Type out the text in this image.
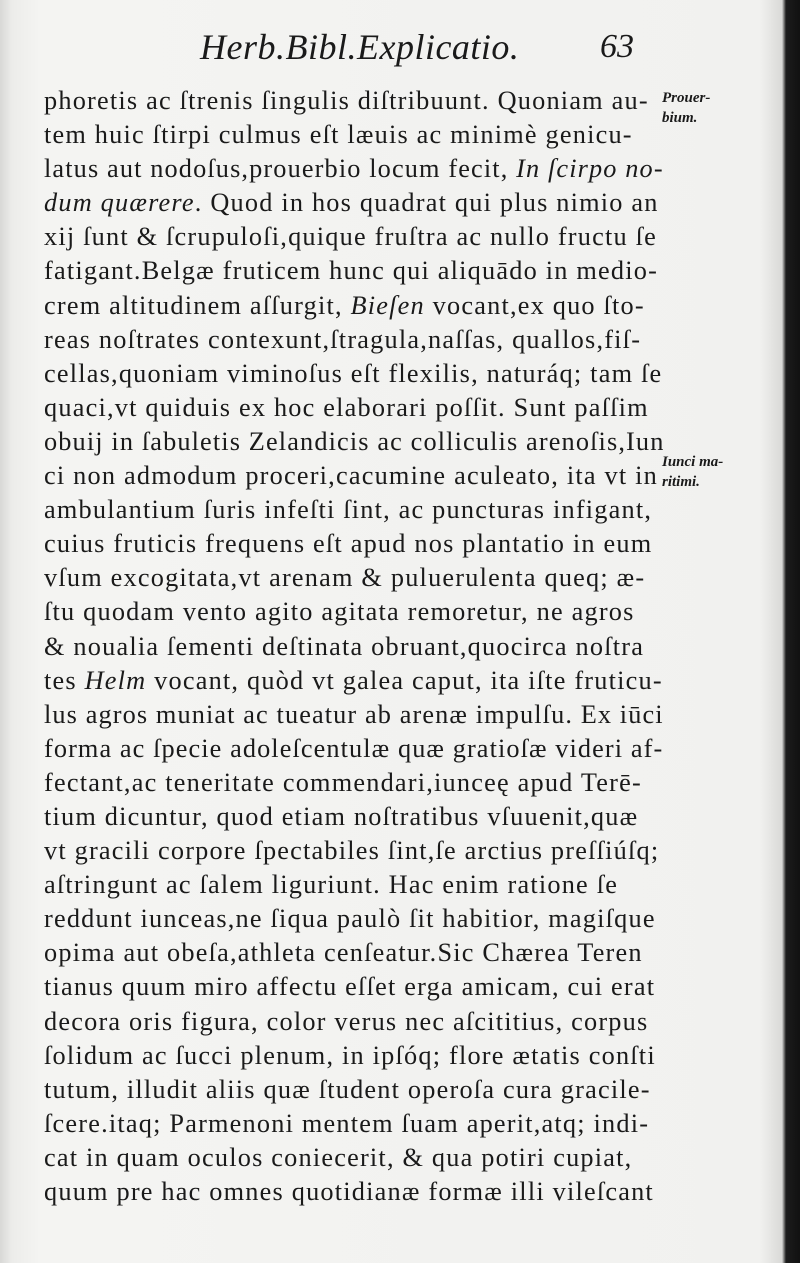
Herb.Bibl.Explicatio. 63
phoretis ac ſtrenis ſingulis diſtribuunt. Quoniam au-
tem huic ſtirpi culmus eſt læuis ac minimè genicu-
latus aut nodoſus,prouerbio locum fecit, In ſcirpo no-
dum quærere. Quod in hos quadrat qui plus nimio an
xij ſunt & ſcrupuloſi,quique fruſtra ac nullo fructu ſe
fatigant.Belgæ fruticem hunc qui aliquādo in medio-
crem altitudinem aſſurgit, Bieſen vocant,ex quo ſto-
reas noſtrates contexunt,ſtragula,naſſas, quallos,fiſ-
cellas,quoniam viminoſus eſt flexilis, naturáq; tam ſe
quaci,vt quiduis ex hoc elaborari poſſit. Sunt paſſim
obuij in ſabuletis Zelandicis ac colliculis arenoſis,Iun
ci non admodum proceri,cacumine aculeato, ita vt in
ambulantium ſuris infeſti ſint, ac puncturas infigant,
cuius fruticis frequens eſt apud nos plantatio in eum
vſum excogitata,vt arenam & puluerulenta queq; æ-
ſtu quodam vento agito agitata remoretur, ne agros
& noualia ſementi deſtinata obruant,quocirca noſtra
tes Helm vocant, quòd vt galea caput, ita iſte fruticu-
lus agros muniat ac tueatur ab arenæ impulſu. Ex iūci
forma ac ſpecie adoleſcentulæ quæ gratioſæ videri af-
fectant,ac teneritate commendari,iunceę apud Terē-
tium dicuntur, quod etiam noſtratibus vſuuenit,quæ
vt gracili corpore ſpectabiles ſint,ſe arctius preſſiúſq;
aſtringunt ac ſalem liguriunt. Hac enim ratione ſe
reddunt iunceas,ne ſiqua paulò ſit habitior, magiſque
opima aut obeſa,athleta cenſeatur.Sic Chærea Teren
tianus quum miro affectu eſſet erga amicam, cui erat
decora oris figura, color verus nec aſcititius, corpus
ſolidum ac ſucci plenum, in ipſóq; flore ætatis conſti
tutum, illudit aliis quæ ſtudent operoſa cura gracile-
ſcere.itaq; Parmenoni mentem ſuam aperit,atq; indi-
cat in quam oculos coniecerit, & qua potiri cupiat,
quum pre hac omnes quotidianæ formæ illi vileſcant
Prouer-
bium.
Iunci ma-
ritimi.
